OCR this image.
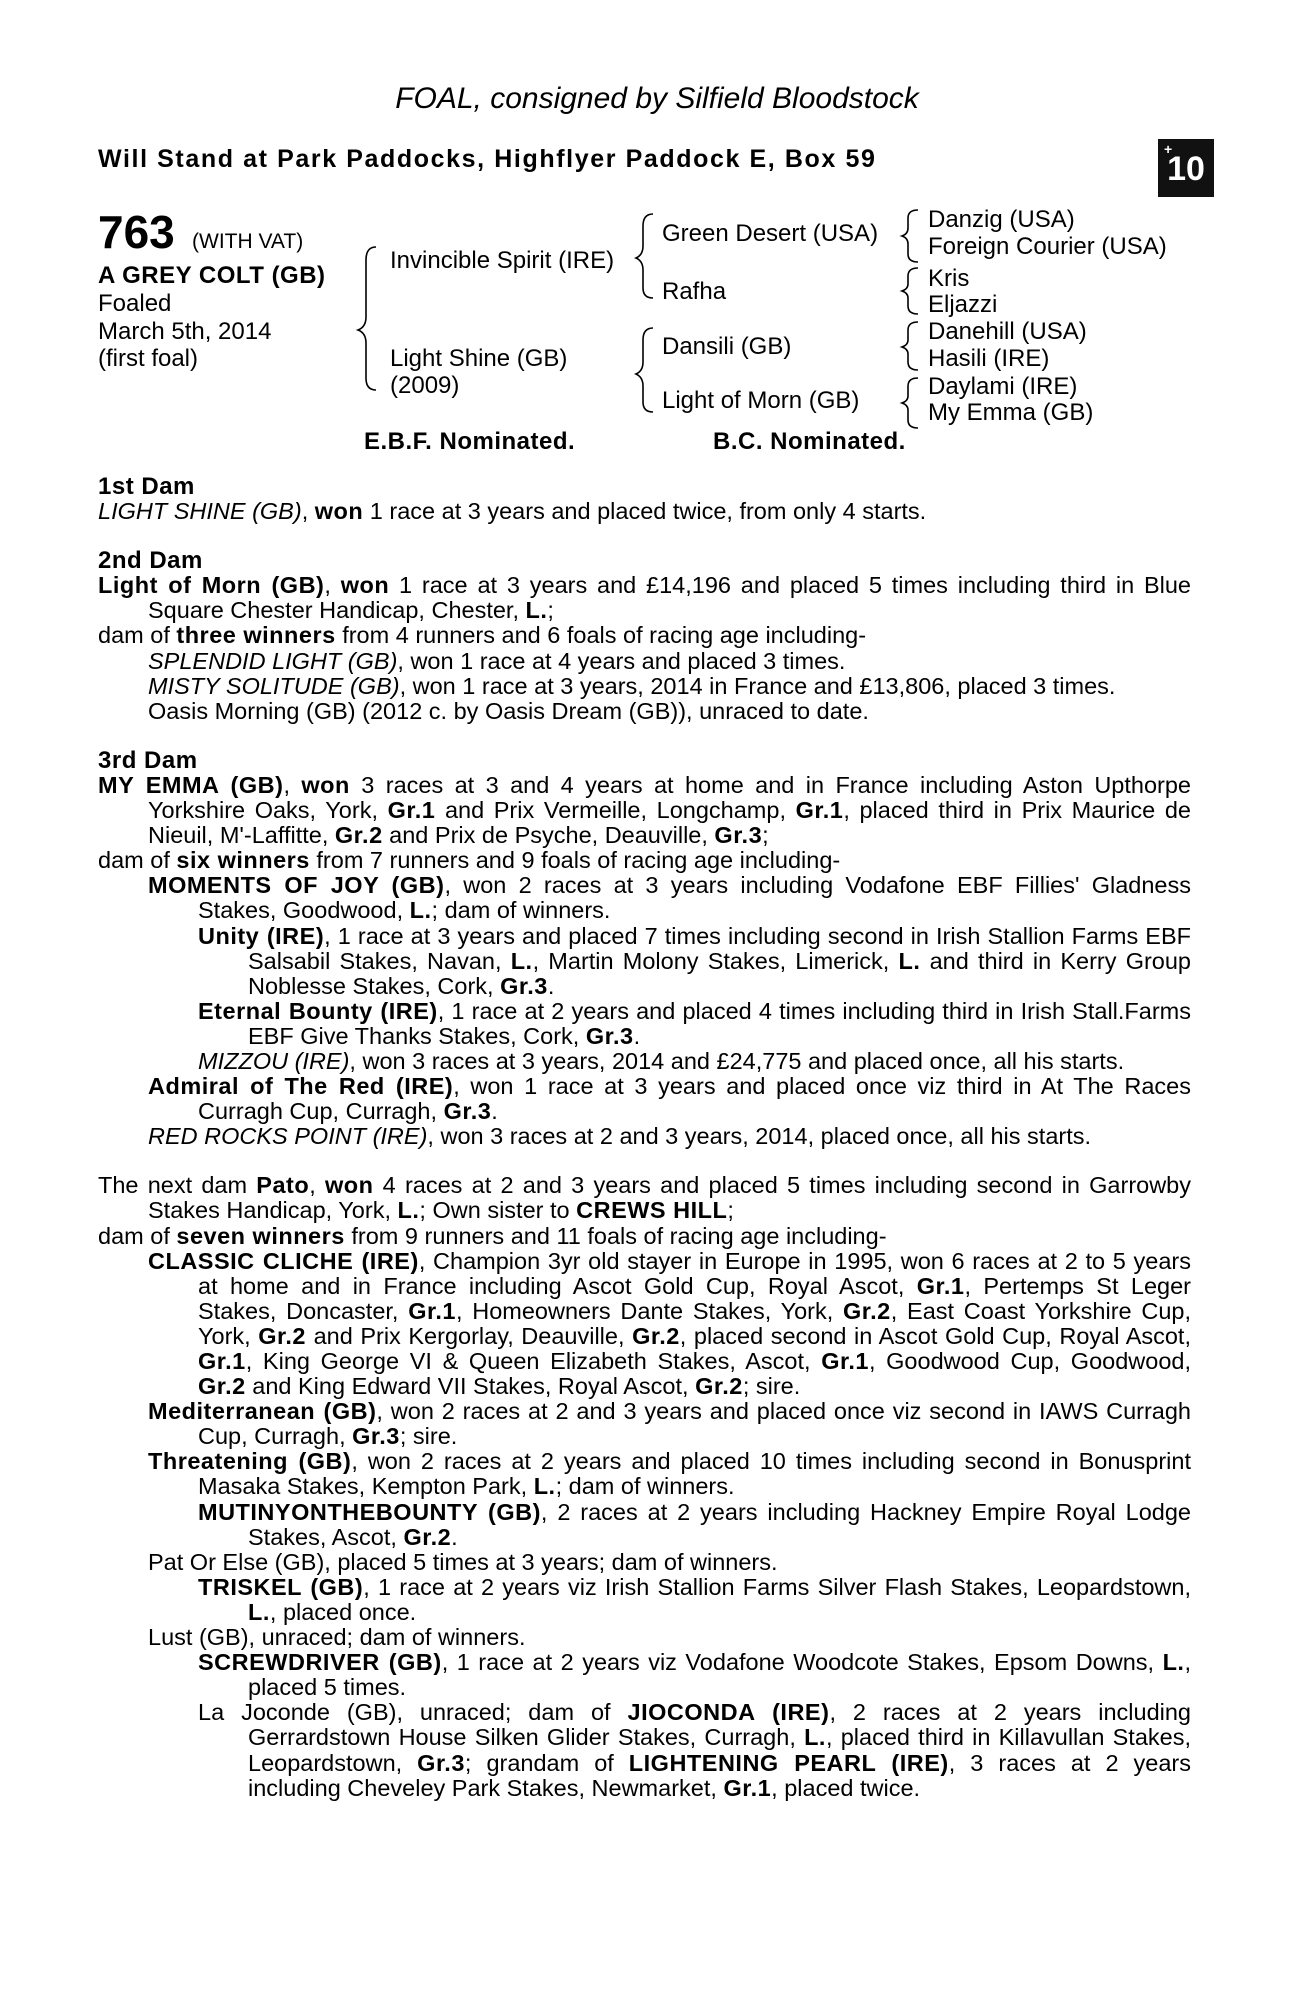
FOAL, consigned by Silfield Bloodstock
Will Stand at Park Paddocks, Highflyer Paddock E, Box 59	+
10
763 (WITH VAT)
A GREY COLT (GB)
Foaled
March 5th, 2014
(first foal)
Invincible Spirit (IRE)
Light Shine (GB)
(2009)
Green Desert (USA)
Rafha
Dansili (GB)
Light of Morn (GB)
Danzig (USA)
Foreign Courier (USA)
Kris
Eljazzi
Danehill (USA)
Hasili (IRE)
Daylami (IRE)
My Emma (GB)
E.B.F. Nominated.	B.C. Nominated.
1st Dam
LIGHT SHINE (GB), won 1 race at 3 years and placed twice, from only 4 starts.
2nd Dam
Light of Morn (GB), won 1 race at 3 years and £14,196 and placed 5 times including third in Blue Square Chester Handicap, Chester, L.;
dam of three winners from 4 runners and 6 foals of racing age including-
SPLENDID LIGHT (GB), won 1 race at 4 years and placed 3 times.
MISTY SOLITUDE (GB), won 1 race at 3 years, 2014 in France and £13,806, placed 3 times.
Oasis Morning (GB) (2012 c. by Oasis Dream (GB)), unraced to date.
3rd Dam
MY EMMA (GB), won 3 races at 3 and 4 years at home and in France including Aston Upthorpe Yorkshire Oaks, York, Gr.1 and Prix Vermeille, Longchamp, Gr.1, placed third in Prix Maurice de Nieuil, M'-Laffitte, Gr.2 and Prix de Psyche, Deauville, Gr.3;
dam of six winners from 7 runners and 9 foals of racing age including-
MOMENTS OF JOY (GB), won 2 races at 3 years including Vodafone EBF Fillies' Gladness Stakes, Goodwood, L.; dam of winners.
Unity (IRE), 1 race at 3 years and placed 7 times including second in Irish Stallion Farms EBF Salsabil Stakes, Navan, L., Martin Molony Stakes, Limerick, L. and third in Kerry Group Noblesse Stakes, Cork, Gr.3.
Eternal Bounty (IRE), 1 race at 2 years and placed 4 times including third in Irish Stall.Farms EBF Give Thanks Stakes, Cork, Gr.3.
MIZZOU (IRE), won 3 races at 3 years, 2014 and £24,775 and placed once, all his starts.
Admiral of The Red (IRE), won 1 race at 3 years and placed once viz third in At The Races Curragh Cup, Curragh, Gr.3.
RED ROCKS POINT (IRE), won 3 races at 2 and 3 years, 2014, placed once, all his starts.
The next dam Pato, won 4 races at 2 and 3 years and placed 5 times including second in Garrowby Stakes Handicap, York, L.; Own sister to CREWS HILL;
dam of seven winners from 9 runners and 11 foals of racing age including-
CLASSIC CLICHE (IRE), Champion 3yr old stayer in Europe in 1995, won 6 races at 2 to 5 years at home and in France including Ascot Gold Cup, Royal Ascot, Gr.1, Pertemps St Leger Stakes, Doncaster, Gr.1, Homeowners Dante Stakes, York, Gr.2, East Coast Yorkshire Cup, York, Gr.2 and Prix Kergorlay, Deauville, Gr.2, placed second in Ascot Gold Cup, Royal Ascot, Gr.1, King George VI & Queen Elizabeth Stakes, Ascot, Gr.1, Goodwood Cup, Goodwood, Gr.2 and King Edward VII Stakes, Royal Ascot, Gr.2; sire.
Mediterranean (GB), won 2 races at 2 and 3 years and placed once viz second in IAWS Curragh Cup, Curragh, Gr.3; sire.
Threatening (GB), won 2 races at 2 years and placed 10 times including second in Bonusprint Masaka Stakes, Kempton Park, L.; dam of winners.
MUTINYONTHEBOUNTY (GB), 2 races at 2 years including Hackney Empire Royal Lodge Stakes, Ascot, Gr.2.
Pat Or Else (GB), placed 5 times at 3 years; dam of winners.
TRISKEL (GB), 1 race at 2 years viz Irish Stallion Farms Silver Flash Stakes, Leopardstown, L., placed once.
Lust (GB), unraced; dam of winners.
SCREWDRIVER (GB), 1 race at 2 years viz Vodafone Woodcote Stakes, Epsom Downs, L., placed 5 times.
La Joconde (GB), unraced; dam of JIOCONDA (IRE), 2 races at 2 years including Gerrardstown House Silken Glider Stakes, Curragh, L., placed third in Killavullan Stakes, Leopardstown, Gr.3; grandam of LIGHTENING PEARL (IRE), 3 races at 2 years including Cheveley Park Stakes, Newmarket, Gr.1, placed twice.
